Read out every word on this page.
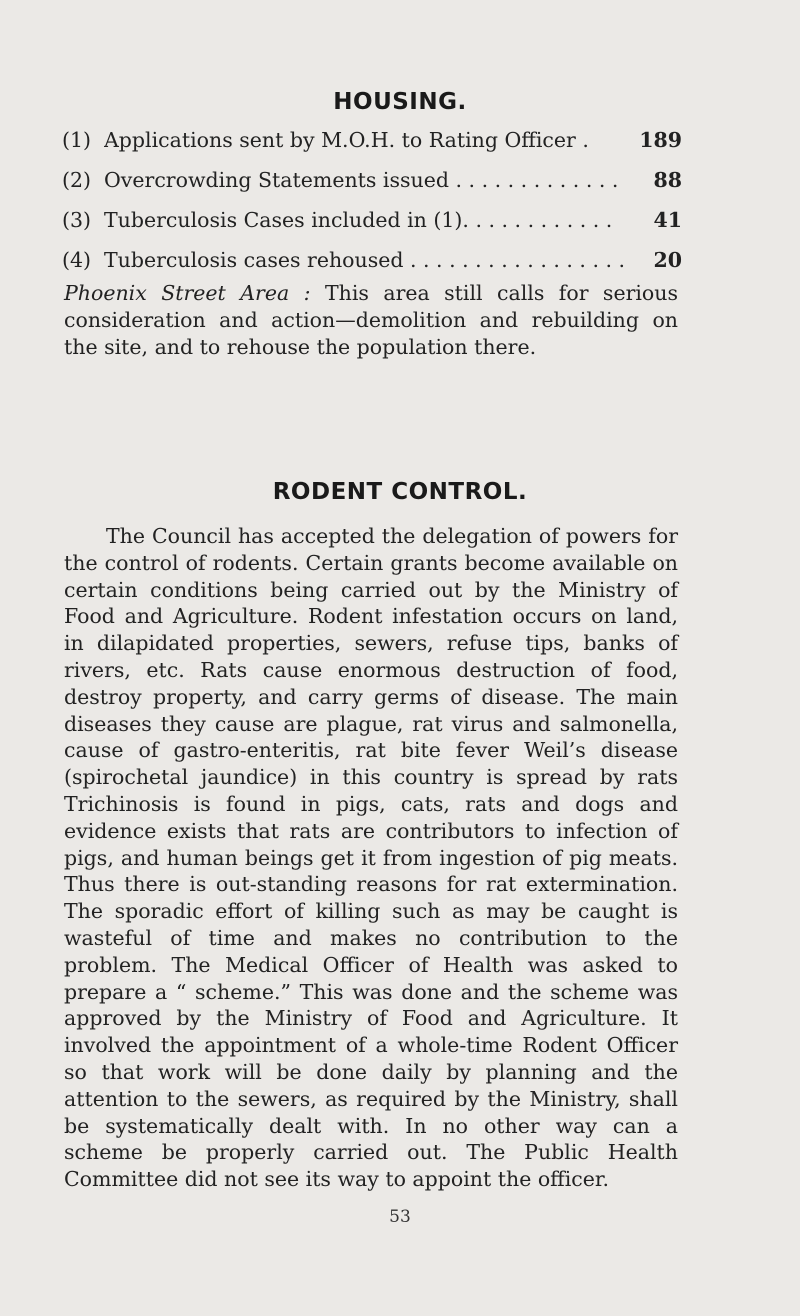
HOUSING.
(1) Applications sent by M.O.H. to Rating Officer .	189
(2) Overcrowding Statements issued . . . . . . . . . . . . .	88
(3) Tuberculosis Cases included in (1). . . . . . . . . . . .	41
(4) Tuberculosis cases rehoused . . . . . . . . . . . . . . . . .	20

Phoenix Street Area : This area still calls for serious consideration and action—demolition and rebuilding on the site, and to rehouse the population there.

RODENT CONTROL.

The Council has accepted the delegation of powers for the control of rodents. Certain grants become available on certain conditions being carried out by the Ministry of Food and Agriculture. Rodent infestation occurs on land, in dilapidated properties, sewers, refuse tips, banks of rivers, etc. Rats cause enormous destruction of food, destroy property, and carry germs of disease. The main diseases they cause are plague, rat virus and salmonella, cause of gastro-enteritis, rat bite fever Weil’s disease (spirochetal jaundice) in this country is spread by rats Trichinosis is found in pigs, cats, rats and dogs and evidence exists that rats are contributors to infection of pigs, and human beings get it from ingestion of pig meats. Thus there is out-standing reasons for rat extermination. The sporadic effort of killing such as may be caught is wasteful of time and makes no contribution to the problem. The Medical Officer of Health was asked to prepare a “ scheme.” This was done and the scheme was approved by the Ministry of Food and Agriculture. It involved the appointment of a whole-time Rodent Officer so that work will be done daily by planning and the attention to the sewers, as required by the Ministry, shall be systematically dealt with. In no other way can a scheme be properly carried out. The Public Health Committee did not see its way to appoint the officer.

53
